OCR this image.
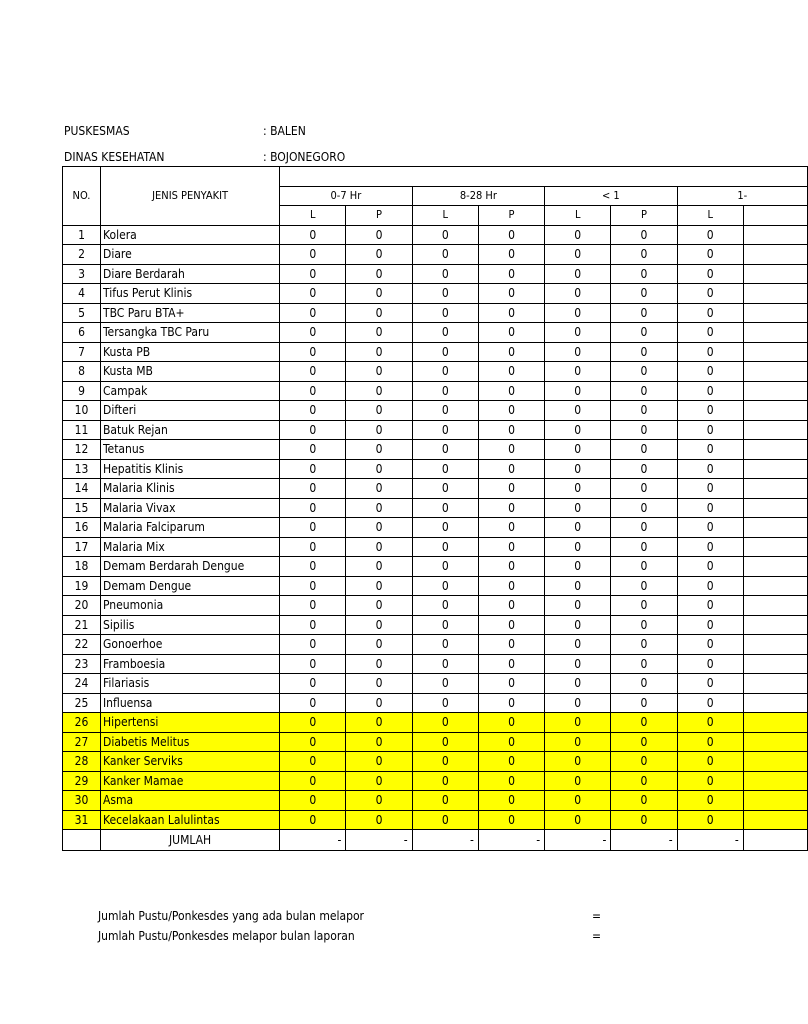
PUSKESMAS	: BALEN
DINAS KESEHATAN	: BOJONEGORO

NO.	JENIS PENYAKIT	0-7 Hr		8-28 Hr		< 1		1-	
		L	P	L	P	L	P	L	
1	Kolera	0	0	0	0	0	0	0	
2	Diare	0	0	0	0	0	0	0	
3	Diare Berdarah	0	0	0	0	0	0	0	
4	Tifus Perut Klinis	0	0	0	0	0	0	0	
5	TBC Paru BTA+	0	0	0	0	0	0	0	
6	Tersangka TBC Paru	0	0	0	0	0	0	0	
7	Kusta PB	0	0	0	0	0	0	0	
8	Kusta MB	0	0	0	0	0	0	0	
9	Campak	0	0	0	0	0	0	0	
10	Difteri	0	0	0	0	0	0	0	
11	Batuk Rejan	0	0	0	0	0	0	0	
12	Tetanus	0	0	0	0	0	0	0	
13	Hepatitis Klinis	0	0	0	0	0	0	0	
14	Malaria Klinis	0	0	0	0	0	0	0	
15	Malaria Vivax	0	0	0	0	0	0	0	
16	Malaria Falciparum	0	0	0	0	0	0	0	
17	Malaria Mix	0	0	0	0	0	0	0	
18	Demam Berdarah Dengue	0	0	0	0	0	0	0	
19	Demam Dengue	0	0	0	0	0	0	0	
20	Pneumonia	0	0	0	0	0	0	0	
21	Sipilis	0	0	0	0	0	0	0	
22	Gonoerhoe	0	0	0	0	0	0	0	
23	Framboesia	0	0	0	0	0	0	0	
24	Filariasis	0	0	0	0	0	0	0	
25	Influensa	0	0	0	0	0	0	0	
26	Hipertensi	0	0	0	0	0	0	0	
27	Diabetis Melitus	0	0	0	0	0	0	0	
28	Kanker Serviks	0	0	0	0	0	0	0	
29	Kanker Mamae	0	0	0	0	0	0	0	
30	Asma	0	0	0	0	0	0	0	
31	Kecelakaan Lalulintas	0	0	0	0	0	0	0	
	JUMLAH	-	-	-	-	-	-	-	
Jumlah Pustu/Ponkesdes yang ada bulan melapor	=
Jumlah Pustu/Ponkesdes melapor bulan laporan	=
